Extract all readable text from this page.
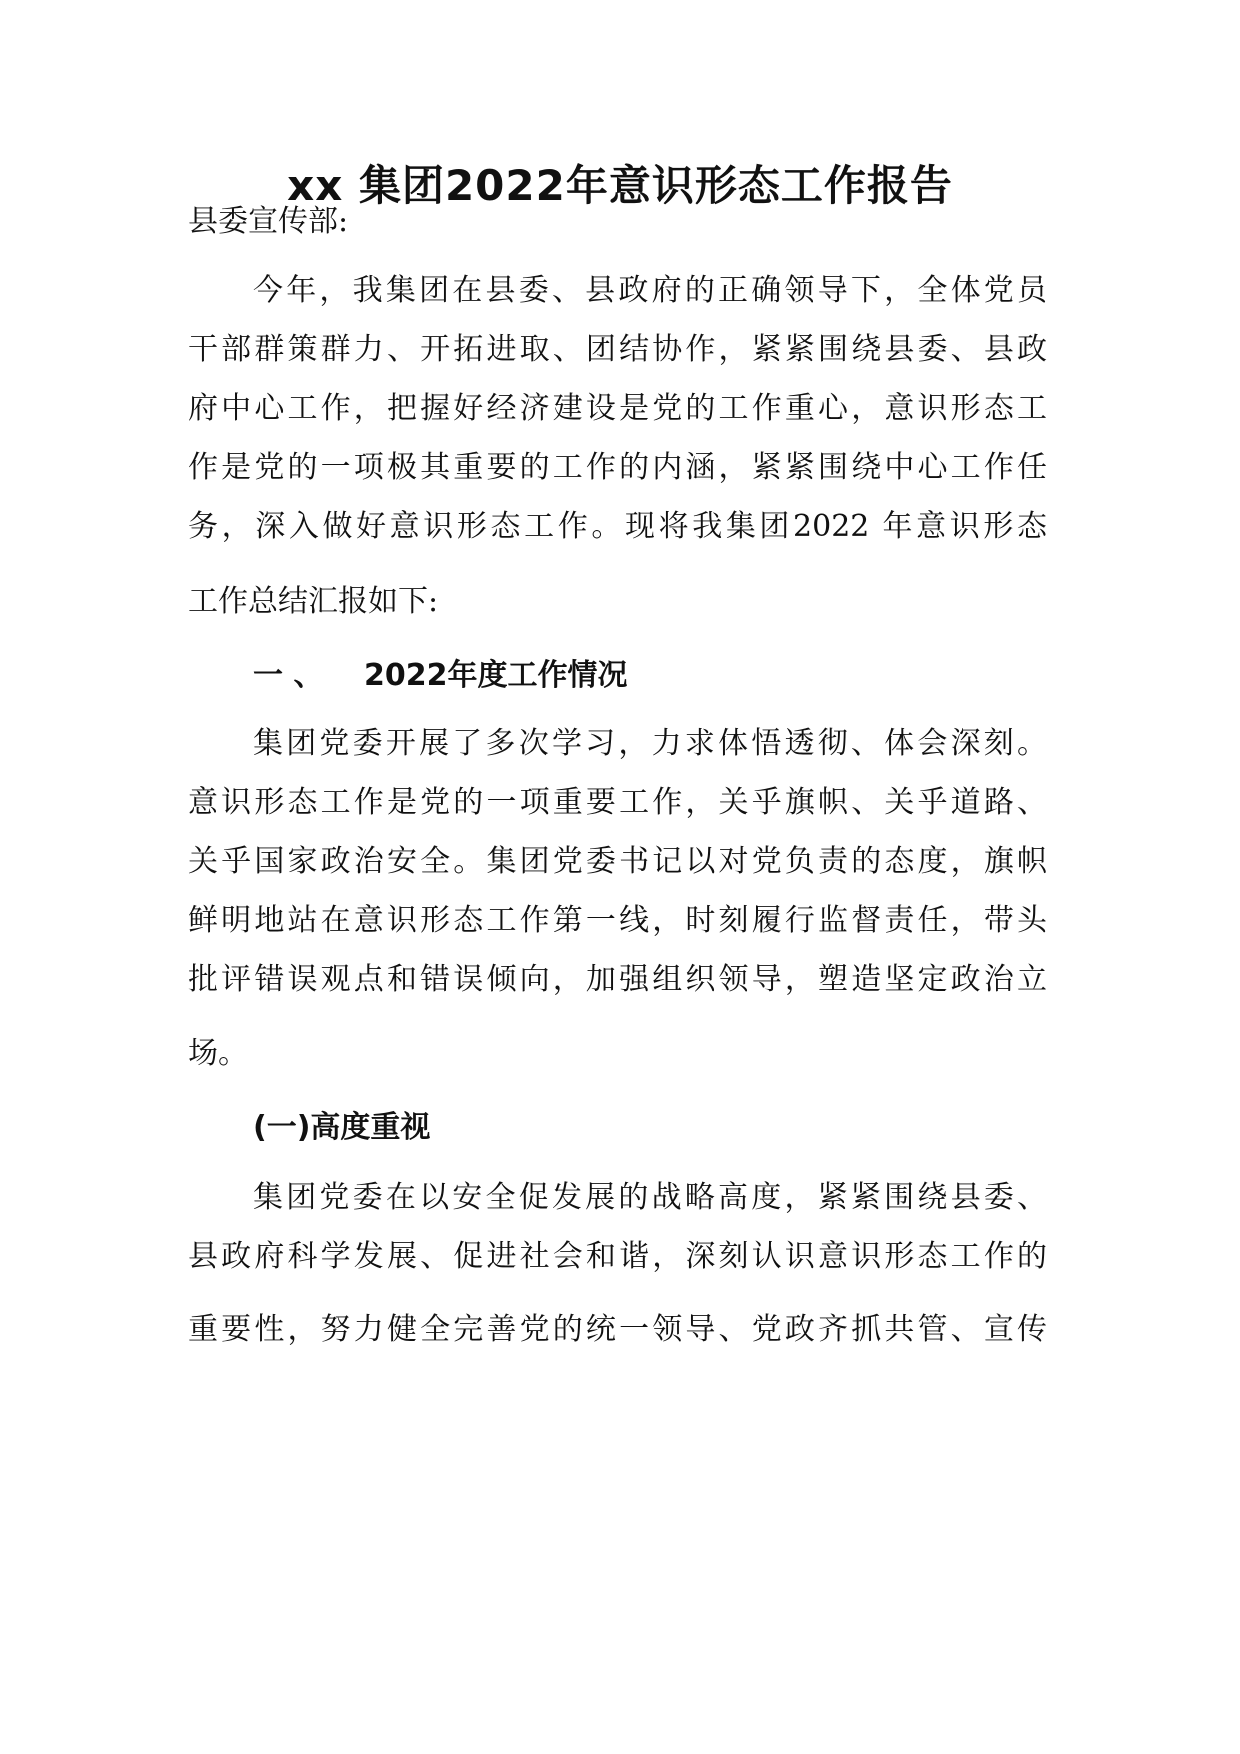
xx 集团2022年意识形态工作报告
县委宣传部:
今年，我集团在县委、县政府的正确领导下，全体党员
干部群策群力、开拓进取、团结协作，紧紧围绕县委、县政
府中心工作，把握好经济建设是党的工作重心，意识形态工
作是党的一项极其重要的工作的内涵，紧紧围绕中心工作任
务，深入做好意识形态工作。现将我集团2022 年意识形态
工作总结汇报如下:
一 、 2022年度工作情况
集团党委开展了多次学习，力求体悟透彻、体会深刻。
意识形态工作是党的一项重要工作，关乎旗帜、关乎道路、
关乎国家政治安全。集团党委书记以对党负责的态度，旗帜
鲜明地站在意识形态工作第一线，时刻履行监督责任，带头
批评错误观点和错误倾向，加强组织领导，塑造坚定政治立
场。
(一)高度重视
集团党委在以安全促发展的战略高度，紧紧围绕县委、
县政府科学发展、促进社会和谐，深刻认识意识形态工作的
重要性，努力健全完善党的统一领导、党政齐抓共管、宣传
